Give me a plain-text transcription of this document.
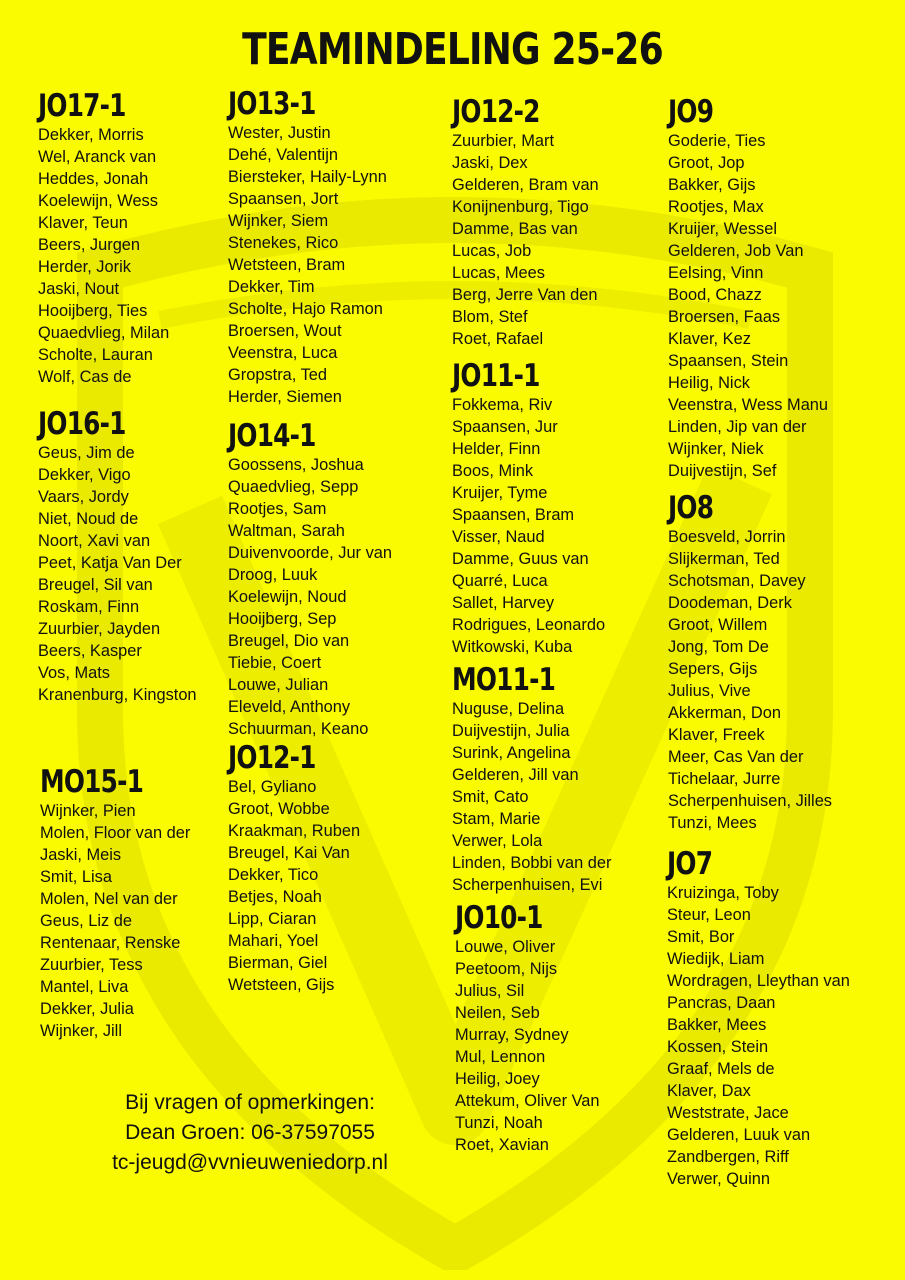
TEAMINDELING 25-26
JO17-1
Dekker, Morris
Wel, Aranck van
Heddes, Jonah
Koelewijn, Wess
Klaver, Teun
Beers, Jurgen
Herder, Jorik
Jaski, Nout
Hooijberg, Ties
Quaedvlieg, Milan
Scholte, Lauran
Wolf, Cas de
JO16-1
Geus, Jim de
Dekker, Vigo
Vaars, Jordy
Niet, Noud de
Noort, Xavi van
Peet, Katja Van Der
Breugel, Sil van
Roskam, Finn
Zuurbier, Jayden
Beers, Kasper
Vos, Mats
Kranenburg, Kingston
MO15-1
Wijnker, Pien
Molen, Floor van der
Jaski, Meis
Smit, Lisa
Molen, Nel van der
Geus, Liz de
Rentenaar, Renske
Zuurbier, Tess
Mantel, Liva
Dekker, Julia
Wijnker, Jill
JO13-1
Wester, Justin
Dehé, Valentijn
Biersteker, Haily-Lynn
Spaansen, Jort
Wijnker, Siem
Stenekes, Rico
Wetsteen, Bram
Dekker, Tim
Scholte, Hajo Ramon
Broersen, Wout
Veenstra, Luca
Gropstra, Ted
Herder, Siemen
JO14-1
Goossens, Joshua
Quaedvlieg, Sepp
Rootjes, Sam
Waltman, Sarah
Duivenvoorde, Jur van
Droog, Luuk
Koelewijn, Noud
Hooijberg, Sep
Breugel, Dio van
Tiebie, Coert
Louwe, Julian
Eleveld, Anthony
Schuurman, Keano
JO12-1
Bel, Gyliano
Groot, Wobbe
Kraakman, Ruben
Breugel, Kai Van
Dekker, Tico
Betjes, Noah
Lipp, Ciaran
Mahari, Yoel
Bierman, Giel
Wetsteen, Gijs
JO12-2
Zuurbier, Mart
Jaski, Dex
Gelderen, Bram van
Konijnenburg, Tigo
Damme, Bas van
Lucas, Job
Lucas, Mees
Berg, Jerre Van den
Blom, Stef
Roet, Rafael
JO11-1
Fokkema, Riv
Spaansen, Jur
Helder, Finn
Boos, Mink
Kruijer, Tyme
Spaansen, Bram
Visser, Naud
Damme, Guus van
Quarré, Luca
Sallet, Harvey
Rodrigues, Leonardo
Witkowski, Kuba
MO11-1
Nuguse, Delina
Duijvestijn, Julia
Surink, Angelina
Gelderen, Jill van
Smit, Cato
Stam, Marie
Verwer, Lola
Linden, Bobbi van der
Scherpenhuisen, Evi
JO10-1
Louwe, Oliver
Peetoom, Nijs
Julius, Sil
Neilen, Seb
Murray, Sydney
Mul, Lennon
Heilig, Joey
Attekum, Oliver Van
Tunzi, Noah
Roet, Xavian
JO9
Goderie, Ties
Groot, Jop
Bakker, Gijs
Rootjes, Max
Kruijer, Wessel
Gelderen, Job Van
Eelsing, Vinn
Bood, Chazz
Broersen, Faas
Klaver, Kez
Spaansen, Stein
Heilig, Nick
Veenstra, Wess Manu
Linden, Jip van der
Wijnker, Niek
Duijvestijn, Sef
JO8
Boesveld, Jorrin
Slijkerman, Ted
Schotsman, Davey
Doodeman, Derk
Groot, Willem
Jong, Tom De
Sepers, Gijs
Julius, Vive
Akkerman, Don
Klaver, Freek
Meer, Cas Van der
Tichelaar, Jurre
Scherpenhuisen, Jilles
Tunzi, Mees
JO7
Kruizinga, Toby
Steur, Leon
Smit, Bor
Wiedijk, Liam
Wordragen, Lleythan van
Pancras, Daan
Bakker, Mees
Kossen, Stein
Graaf, Mels de
Klaver, Dax
Weststrate, Jace
Gelderen, Luuk van
Zandbergen, Riff
Verwer, Quinn
Bij vragen of opmerkingen:
Dean Groen: 06-37597055
tc-jeugd@vvnieuweniedorp.nl
